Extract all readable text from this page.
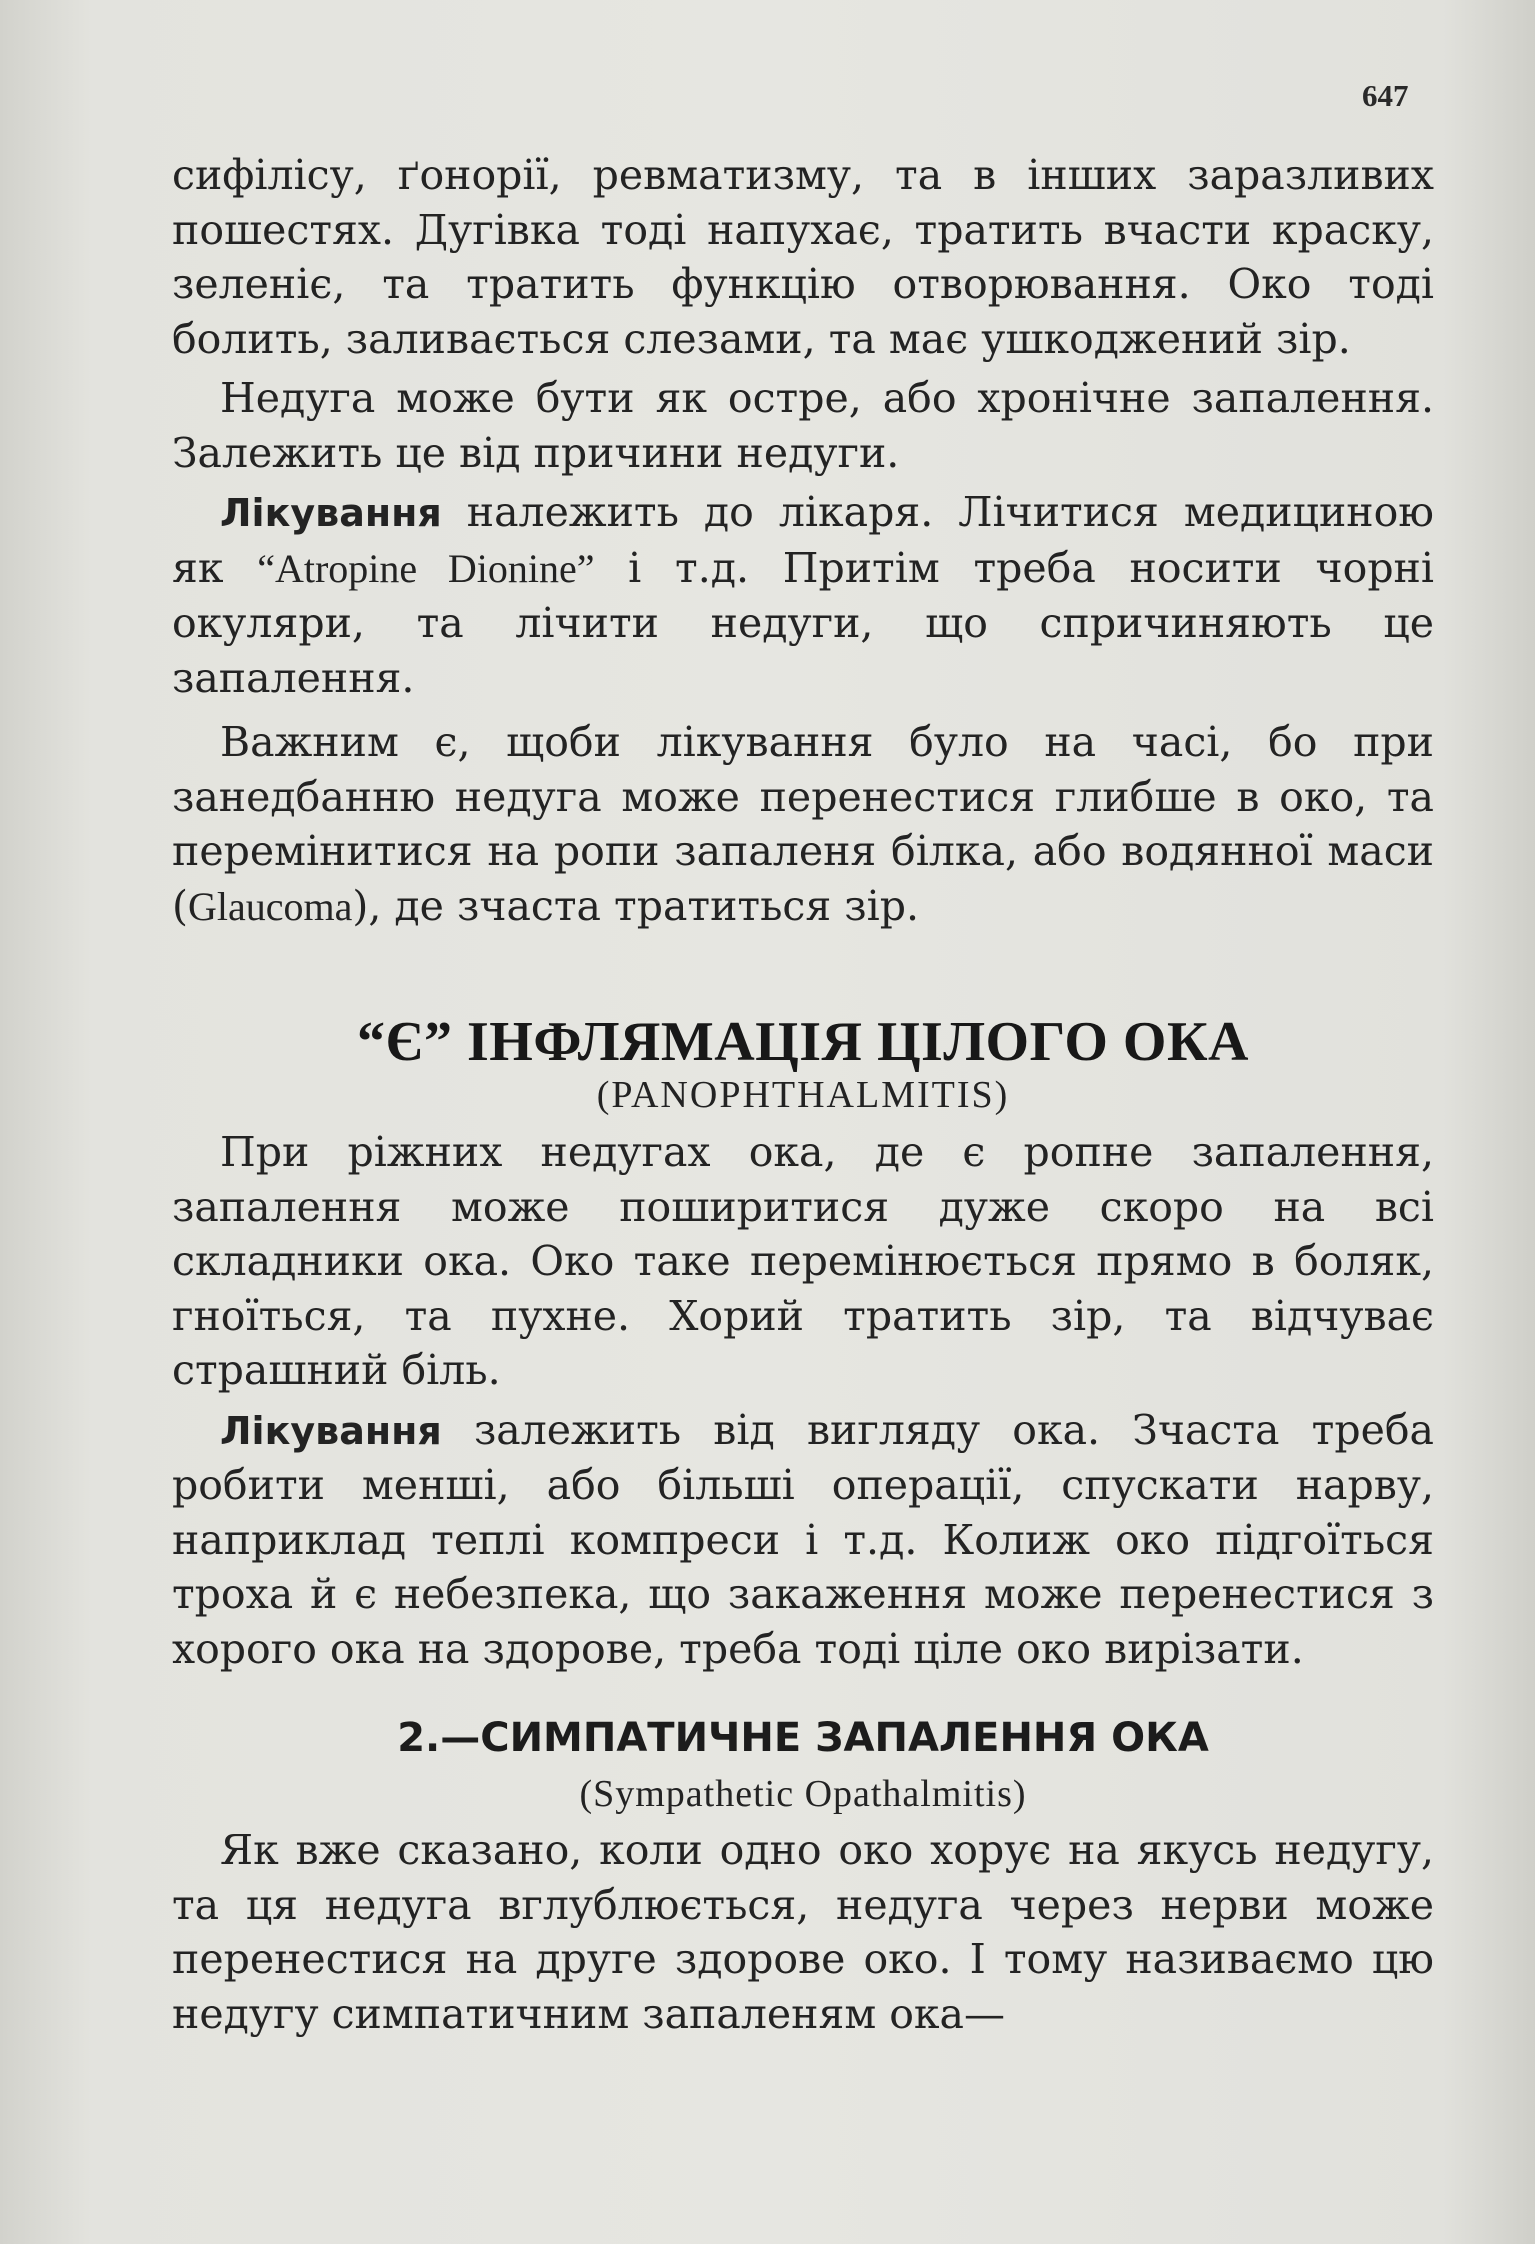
647

сифілісу, ґонорії, ревматизму, та в інших заразливих пошестях. Дугівка тоді напухає, тратить вчасти краску, зеленіє, та тратить функцію отворювання. Око тоді болить, заливається слезами, та має ушкоджений зір.

Недуга може бути як остре, або хронічне запалення. Залежить це від причини недуги.

Лікування належить до лікаря. Лічитися медициною як “Atropine Dionine” і т.д. Притім треба носити чорні окуляри, та лічити недуги, що спричиняють це запалення.

Важним є, щоби лікування було на часі, бо при занедбанню недуга може перенестися глибше в око, та перемінитися на ропи запаленя білка, або водянної маси (Glaucoma), де зчаста тратиться зір.

“Є” ІНФЛЯМАЦІЯ ЦІЛОГО ОКА

(PANOPHTHALMITIS)

При ріжних недугах ока, де є ропне запалення, запалення може поширитися дуже скоро на всі складники ока. Око таке перемінюється прямо в боляк, гноїться, та пухне. Хорий тратить зір, та відчуває страшний біль.

Лікування залежить від вигляду ока. Зчаста треба робити менші, або більші операції, спускати нарву, наприклад теплі компреси і т.д. Колиж око підгоїться троха й є небезпека, що закаження може перенестися з хорого ока на здорове, треба тоді ціле око вирізати.

2.—СИМПАТИЧНЕ ЗАПАЛЕННЯ ОКА

(Sympathetic Opathalmitis)

Як вже сказано, коли одно око хорує на якусь недугу, та ця недуга вглублюється, недуга через нерви може перенестися на друге здорове око. І тому називаємо цю недугу симпатичним запаленям ока—
